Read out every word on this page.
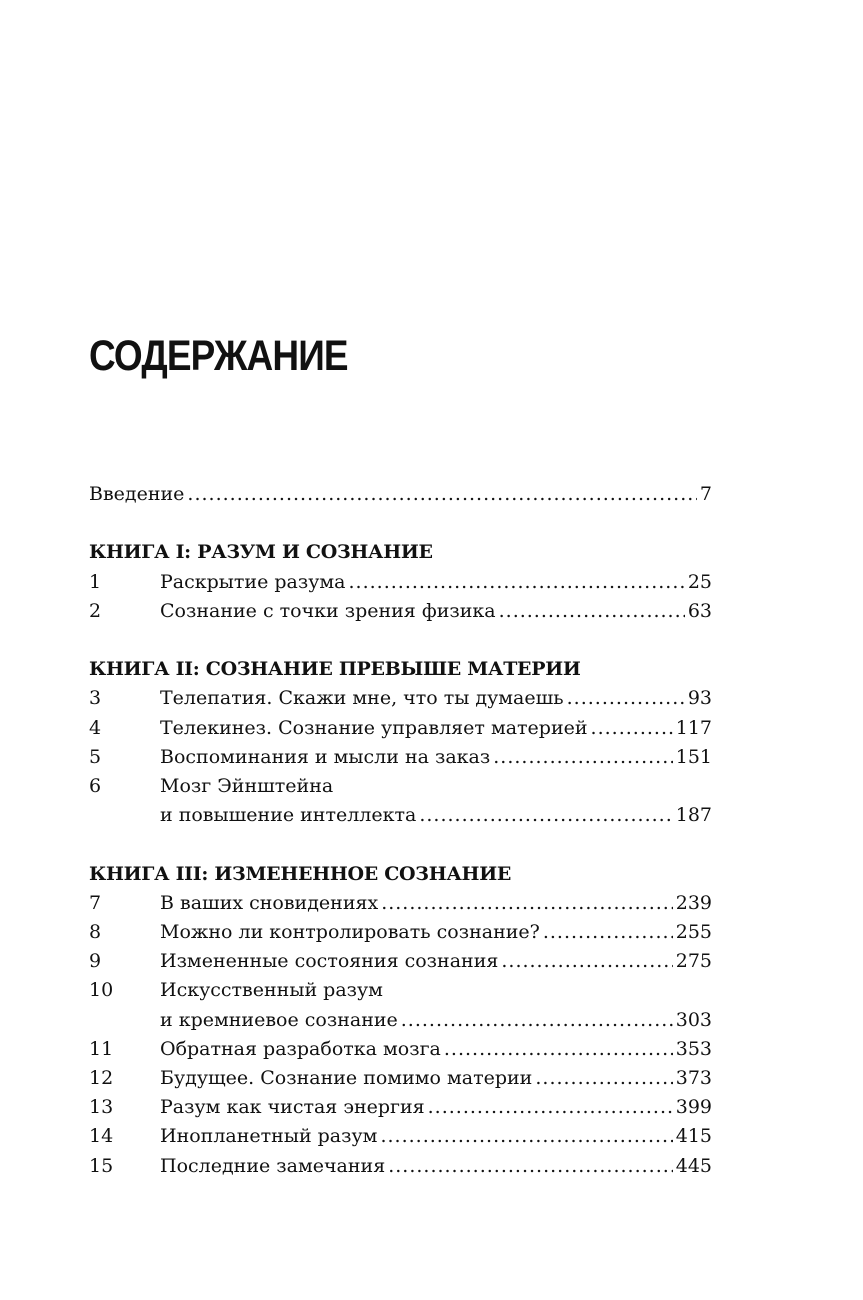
СОДЕРЖАНИЕ
Введение .....	7
КНИГА I: РАЗУМ И СОЗНАНИЕ
1	Раскрытие разума .....	25
2	Сознание с точки зрения физика .....	63
КНИГА II: СОЗНАНИЕ ПРЕВЫШЕ МАТЕРИИ
3	Телепатия. Скажи мне, что ты думаешь .....	93
4	Телекинез. Сознание управляет материей .....	117
5	Воспоминания и мысли на заказ .....	151
6	Мозг Эйнштейна
и повышение интеллекта .....	187
КНИГА III: ИЗМЕНЕННОЕ СОЗНАНИЕ
7	В ваших сновидениях .....	239
8	Можно ли контролировать сознание? .....	255
9	Измененные состояния сознания .....	275
10	Искусственный разум
и кремниевое сознание .....	303
11	Обратная разработка мозга .....	353
12	Будущее. Сознание помимо материи .....	373
13	Разум как чистая энергия .....	399
14	Инопланетный разум .....	415
15	Последние замечания .....	445
